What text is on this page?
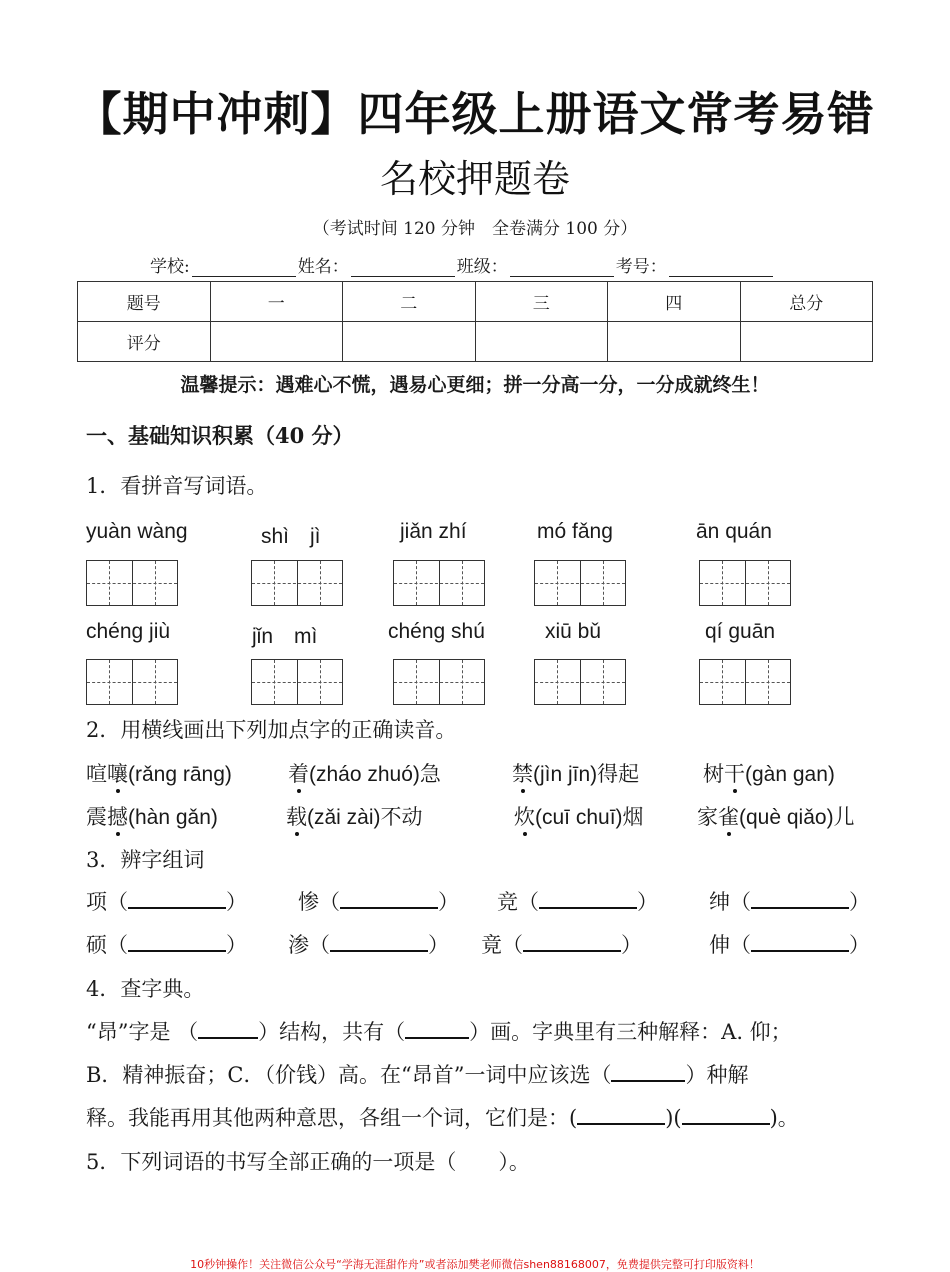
【期中冲刺】四年级上册语文常考易错
名校押题卷
（考试时间 120 分钟　全卷满分 100 分）
学校:	姓名：	班级：	考号：
题号	一	二	三	四	总分
评分					
温馨提示：遇难心不慌，遇易心更细；拼一分高一分，一分成就终生！
一、基础知识积累（40 分）
1．看拼音写词语。
yuàn wàng	shì　jì	jiǎn zhí	mó fǎng	ān quán
chéng jiù	jǐn　mì	chéng shú	xiū bǔ	qí guān
2．用横线画出下列加点字的正确读音。
喧嚷(rǎng rāng)	着(zháo zhuó)急	禁(jìn jīn)得起	树干(gàn gan)
震撼(hàn gǎn)	载(zǎi zài)不动	炊(cuī chuī)烟	家雀(què qiǎo)儿
3．辨字组词
项（	） 惨（	） 竞（	） 绅（	）
硕（	） 渗（	） 竟（	）	伸（	）
4．查字典。
“昂”字是 （	）结构，共有（	）画。字典里有三种解释：A. 仰；
B．精神振奋；C．（价钱）高。在“昂首”一词中应该选（	）种解
释。我能再用其他两种意思，各组一个词，它们是：(	)(	)。
5．下列词语的书写全部正确的一项是（　　）。
10秒钟操作！关注微信公众号“学海无涯甜作舟”或者添加樊老师微信shen88168007，免费提供完整可打印版资料！
